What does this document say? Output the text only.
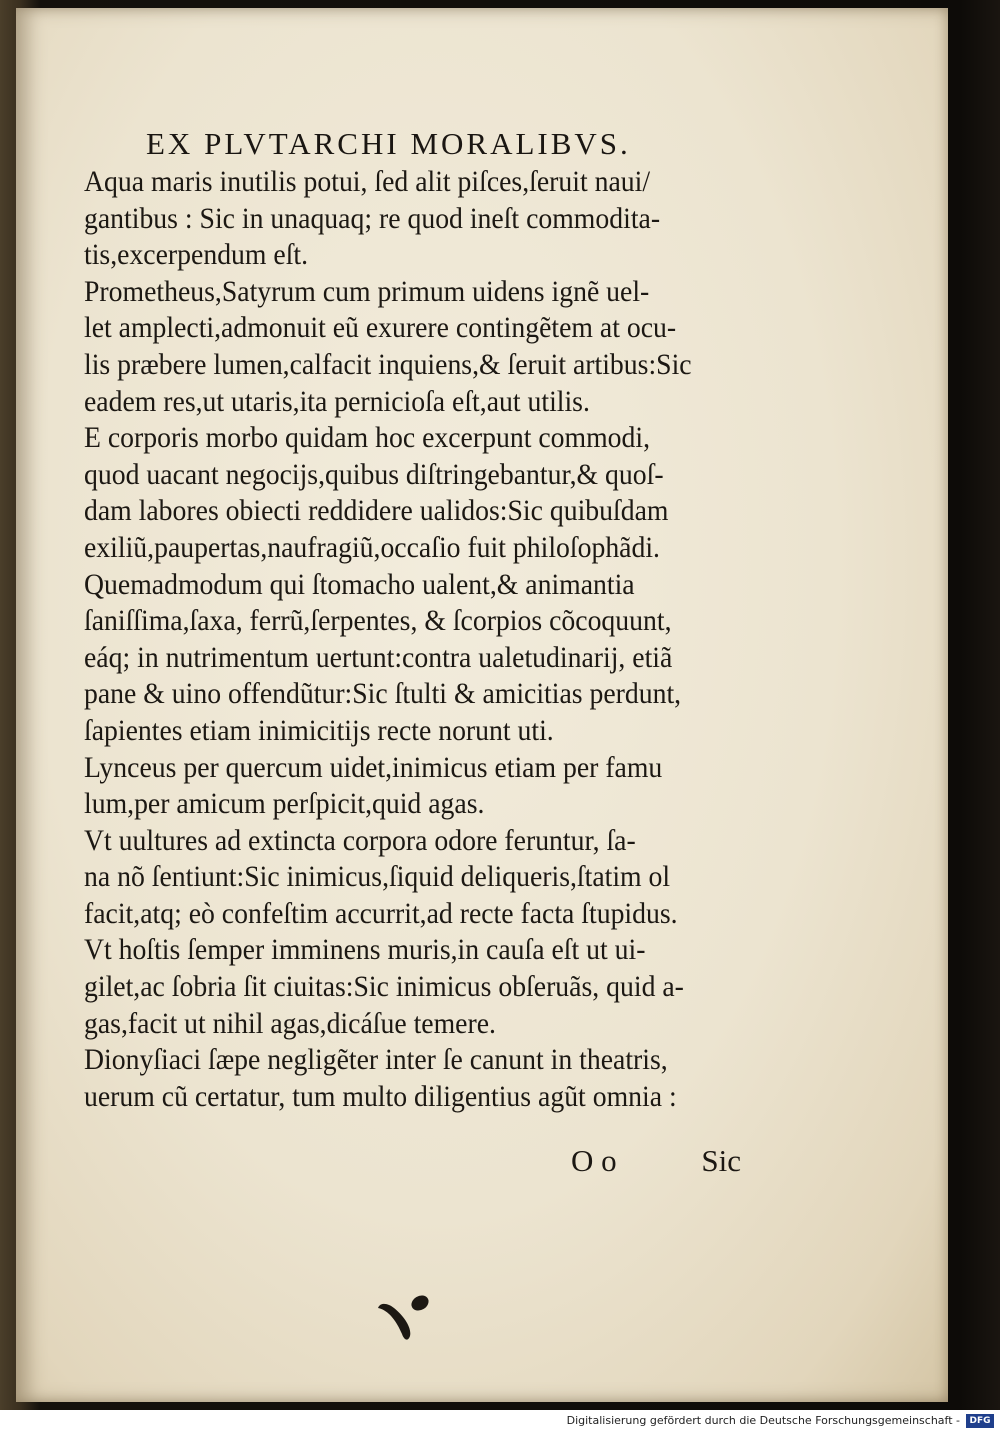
EX PLVTARCHI MORALIBVS.
Aqua maris inutilis potui, ſed alit piſces,ſeruit naui/
gantibus : Sic in unaquaq; re quod ineſt commodita-
tis,excerpendum eſt.
Prometheus,Satyrum cum primum uidens ignẽ uel-
let amplecti,admonuit eũ exurere contingẽtem at ocu-
lis præbere lumen,calfacit inquiens,& ſeruit artibus:Sic
eadem res,ut utaris,ita pernicioſa eſt,aut utilis.
E corporis morbo quidam hoc excerpunt commodi,
quod uacant negocijs,quibus diſtringebantur,& quoſ-
dam labores obiecti reddidere ualidos:Sic quibuſdam
exiliũ,paupertas,naufragiũ,occaſio fuit philoſophãdi.
Quemadmodum qui ſtomacho ualent,& animantia
ſaniſſima,ſaxa, ferrũ,ſerpentes, & ſcorpios cõcoquunt,
eáq; in nutrimentum uertunt:contra ualetudinarij, etiã
pane & uino offendũtur:Sic ſtulti & amicitias perdunt,
ſapientes etiam inimicitijs recte norunt uti.
Lynceus per quercum uidet,inimicus etiam per famu
lum,per amicum perſpicit,quid agas.
Vt uultures ad extincta corpora odore feruntur, ſa-
na nõ ſentiunt:Sic inimicus,ſiquid deliqueris,ſtatim ol
facit,atq; eò confeſtim accurrit,ad recte facta ſtupidus.
Vt hoſtis ſemper imminens muris,in cauſa eſt ut ui-
gilet,ac ſobria ſit ciuitas:Sic inimicus obſeruãs, quid a-
gas,facit ut nihil agas,dicáſue temere.
Dionyſiaci ſæpe negligẽter inter ſe canunt in theatris,
uerum cũ certatur, tum multo diligentius agũt omnia :
O o	Sic
Digitalisierung gefördert durch die Deutsche Forschungsgemeinschaft -	DFG
